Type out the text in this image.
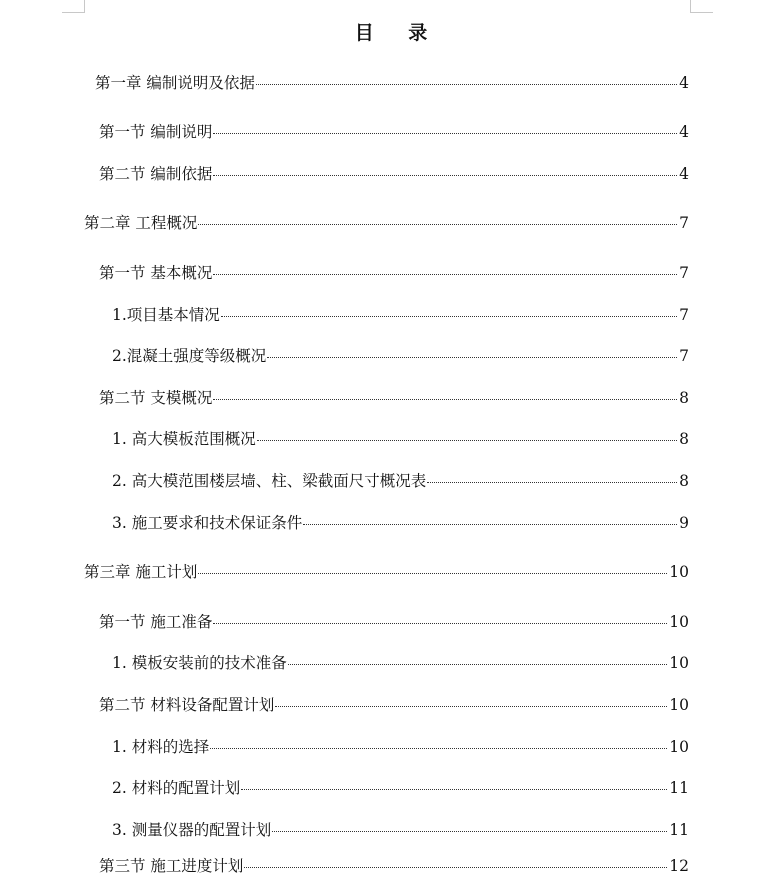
目 录
第一章 编制说明及依据	4
第一节 编制说明	4
第二节 编制依据	4
第二章 工程概况	7
第一节 基本概况	7
1.项目基本情况	7
2.混凝土强度等级概况	7
第二节 支模概况	8
1. 高大模板范围概况	8
2. 高大模范围楼层墙、柱、梁截面尺寸概况表	8
3. 施工要求和技术保证条件	9
第三章 施工计划	10
第一节 施工准备	10
1. 模板安装前的技术准备	10
第二节 材料设备配置计划	10
1. 材料的选择	10
2. 材料的配置计划	11
3. 测量仪器的配置计划	11
第三节 施工进度计划	12
